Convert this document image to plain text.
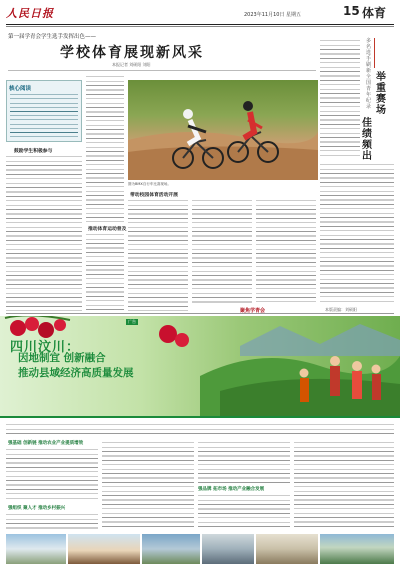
人民日报	2023年11月10日 星期五	15 体育
第一届学青会学生选手发挥出色——
学校体育展现新风采
本报记者 刘硕阳 刘阳
核心阅读
鼓励学生积极参与
推动体育运动普及
图为BMX自行车比赛现场。
带动校园体育活动开展
多名选手刷新全国青年纪录
举重赛场
佳绩频出
聚焦学青会	本版责编：刘硕阳
广告
四川汶川：
因地制宜 创新融合
推动县域经济高质量发展
强基础 创新链 推动农业产业提质增效
强品牌 拓市场 推动产业融合发展
强组织 聚人才 推动乡村振兴
